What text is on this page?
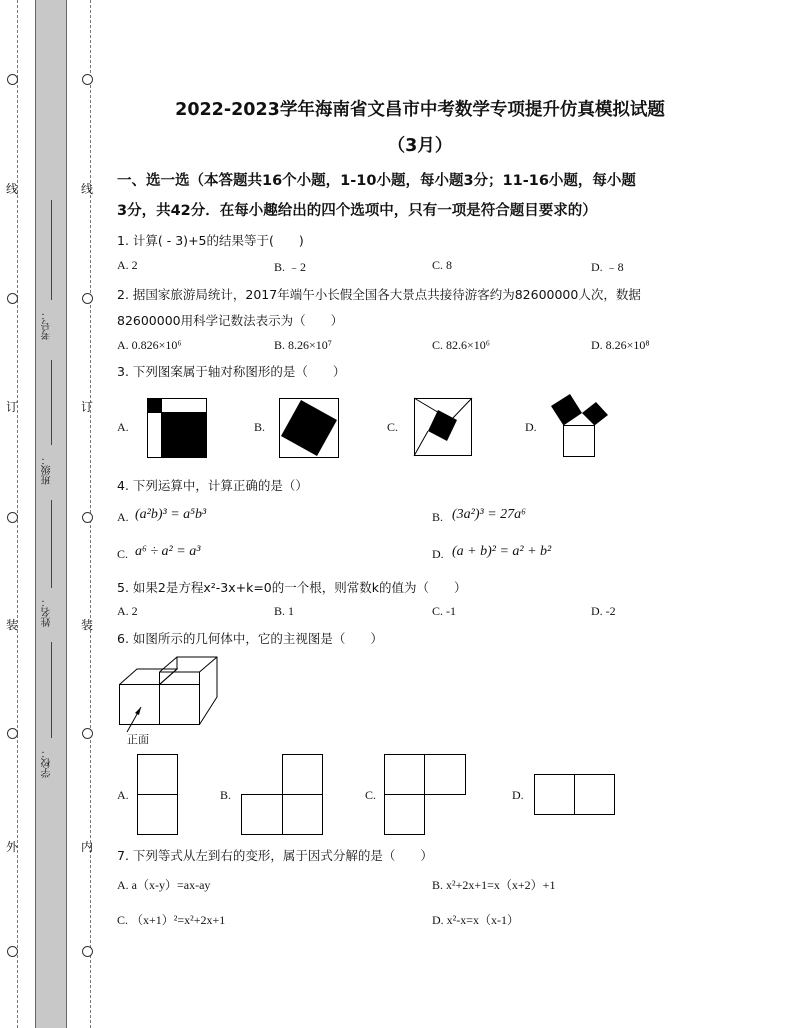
线
订
装
外
线
订
装
内
考号：
班级：
姓名：
学校：
2022-2023学年海南省文昌市中考数学专项提升仿真模拟试题
（3月）
一、选一选（本答题共16个小题，1-10小题，每小题3分；11-16小题，每小题
3分，共42分．在每小趣给出的四个选项中，只有一项是符合题目要求的）
1. 计算( - 3)+5的结果等于(　　)
A. 2	B. ﹣2	C. 8	D. ﹣8
2. 据国家旅游局统计，2017年端午小长假全国各大景点共接待游客约为82600000人次，数据
82600000用科学记数法表示为（　　）
A. 0.826×10⁶	B. 8.26×10⁷	C. 82.6×10⁶	D. 8.26×10⁸
3. 下列图案属于轴对称图形的是（　　）
A.	B.	C.	D.
4. 下列运算中，计算正确的是（）
A. (a²b)³ = a⁵b³	B. (3a²)³ = 27a⁶
C. a⁶ ÷ a² = a³	D. (a + b)² = a² + b²
5. 如果2是方程x²-3x+k=0的一个根，则常数k的值为（　　）
A. 2	B. 1	C. -1	D. -2
6. 如图所示的几何体中，它的主视图是（　　）
正面
A.	B.	C.	D.
7. 下列等式从左到右的变形，属于因式分解的是（　　）
A. a（x-y）=ax-ay	B. x²+2x+1=x（x+2）+1
C. （x+1）²=x²+2x+1	D. x²-x=x（x-1）
